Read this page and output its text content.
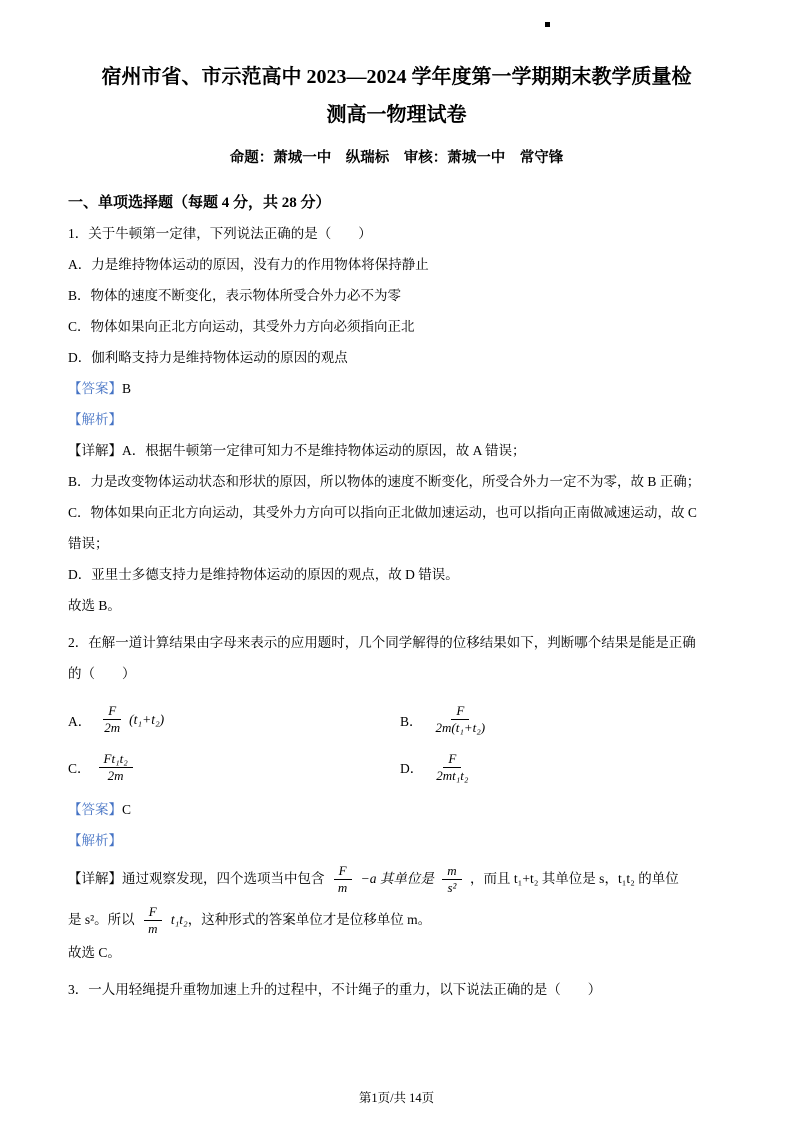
宿州市省、市示范高中 2023—2024 学年度第一学期期末教学质量检
测高一物理试卷
命题：萧城一中　纵瑞标　审核：萧城一中　常守锋
一、单项选择题（每题 4 分，共 28 分）
1．关于牛顿第一定律，下列说法正确的是（　　）
A．力是维持物体运动的原因，没有力的作用物体将保持静止
B．物体的速度不断变化，表示物体所受合外力必不为零
C．物体如果向正北方向运动，其受外力方向必须指向正北
D．伽利略支持力是维持物体运动的原因的观点
【答案】B
【解析】
【详解】A．根据牛顿第一定律可知力不是维持物体运动的原因，故 A 错误；
B．力是改变物体运动状态和形状的原因，所以物体的速度不断变化，所受合外力一定不为零，故 B 正确；
C．物体如果向正北方向运动，其受外力方向可以指向正北做加速运动，也可以指向正南做减速运动，故 C
错误；
D．亚里士多德支持力是维持物体运动的原因的观点，故 D 错误。
故选 B。
2．在解一道计算结果由字母来表示的应用题时，几个同学解得的位移结果如下，判断哪个结果是能是正确
的（　　）
A． $\frac{F}{2m} (t_1+t_2)$	B． $\frac{F}{\text{2m(t₁+t₂)}}$
C． $\frac{\text{Ft₁t₂}}{2m}$	D． $\frac{F}{\text{2mt₁t₂}}$
【答案】C
【解析】
【详解】通过观察发现，四个选项当中包含 $\frac{F}{m} -a$ 其单位是 $\frac{m}{\text{s²}}$ ，而且 t₁+t₂ 其单位是 s，t₁t₂ 的单位
是 s²。所以 $\frac{F}{m} t_1t_2$，这种形式的答案单位才是位移单位 m。
故选 C。
3．一人用轻绳提升重物加速上升的过程中，不计绳子的重力，以下说法正确的是（　　）
第1页/共 14页
